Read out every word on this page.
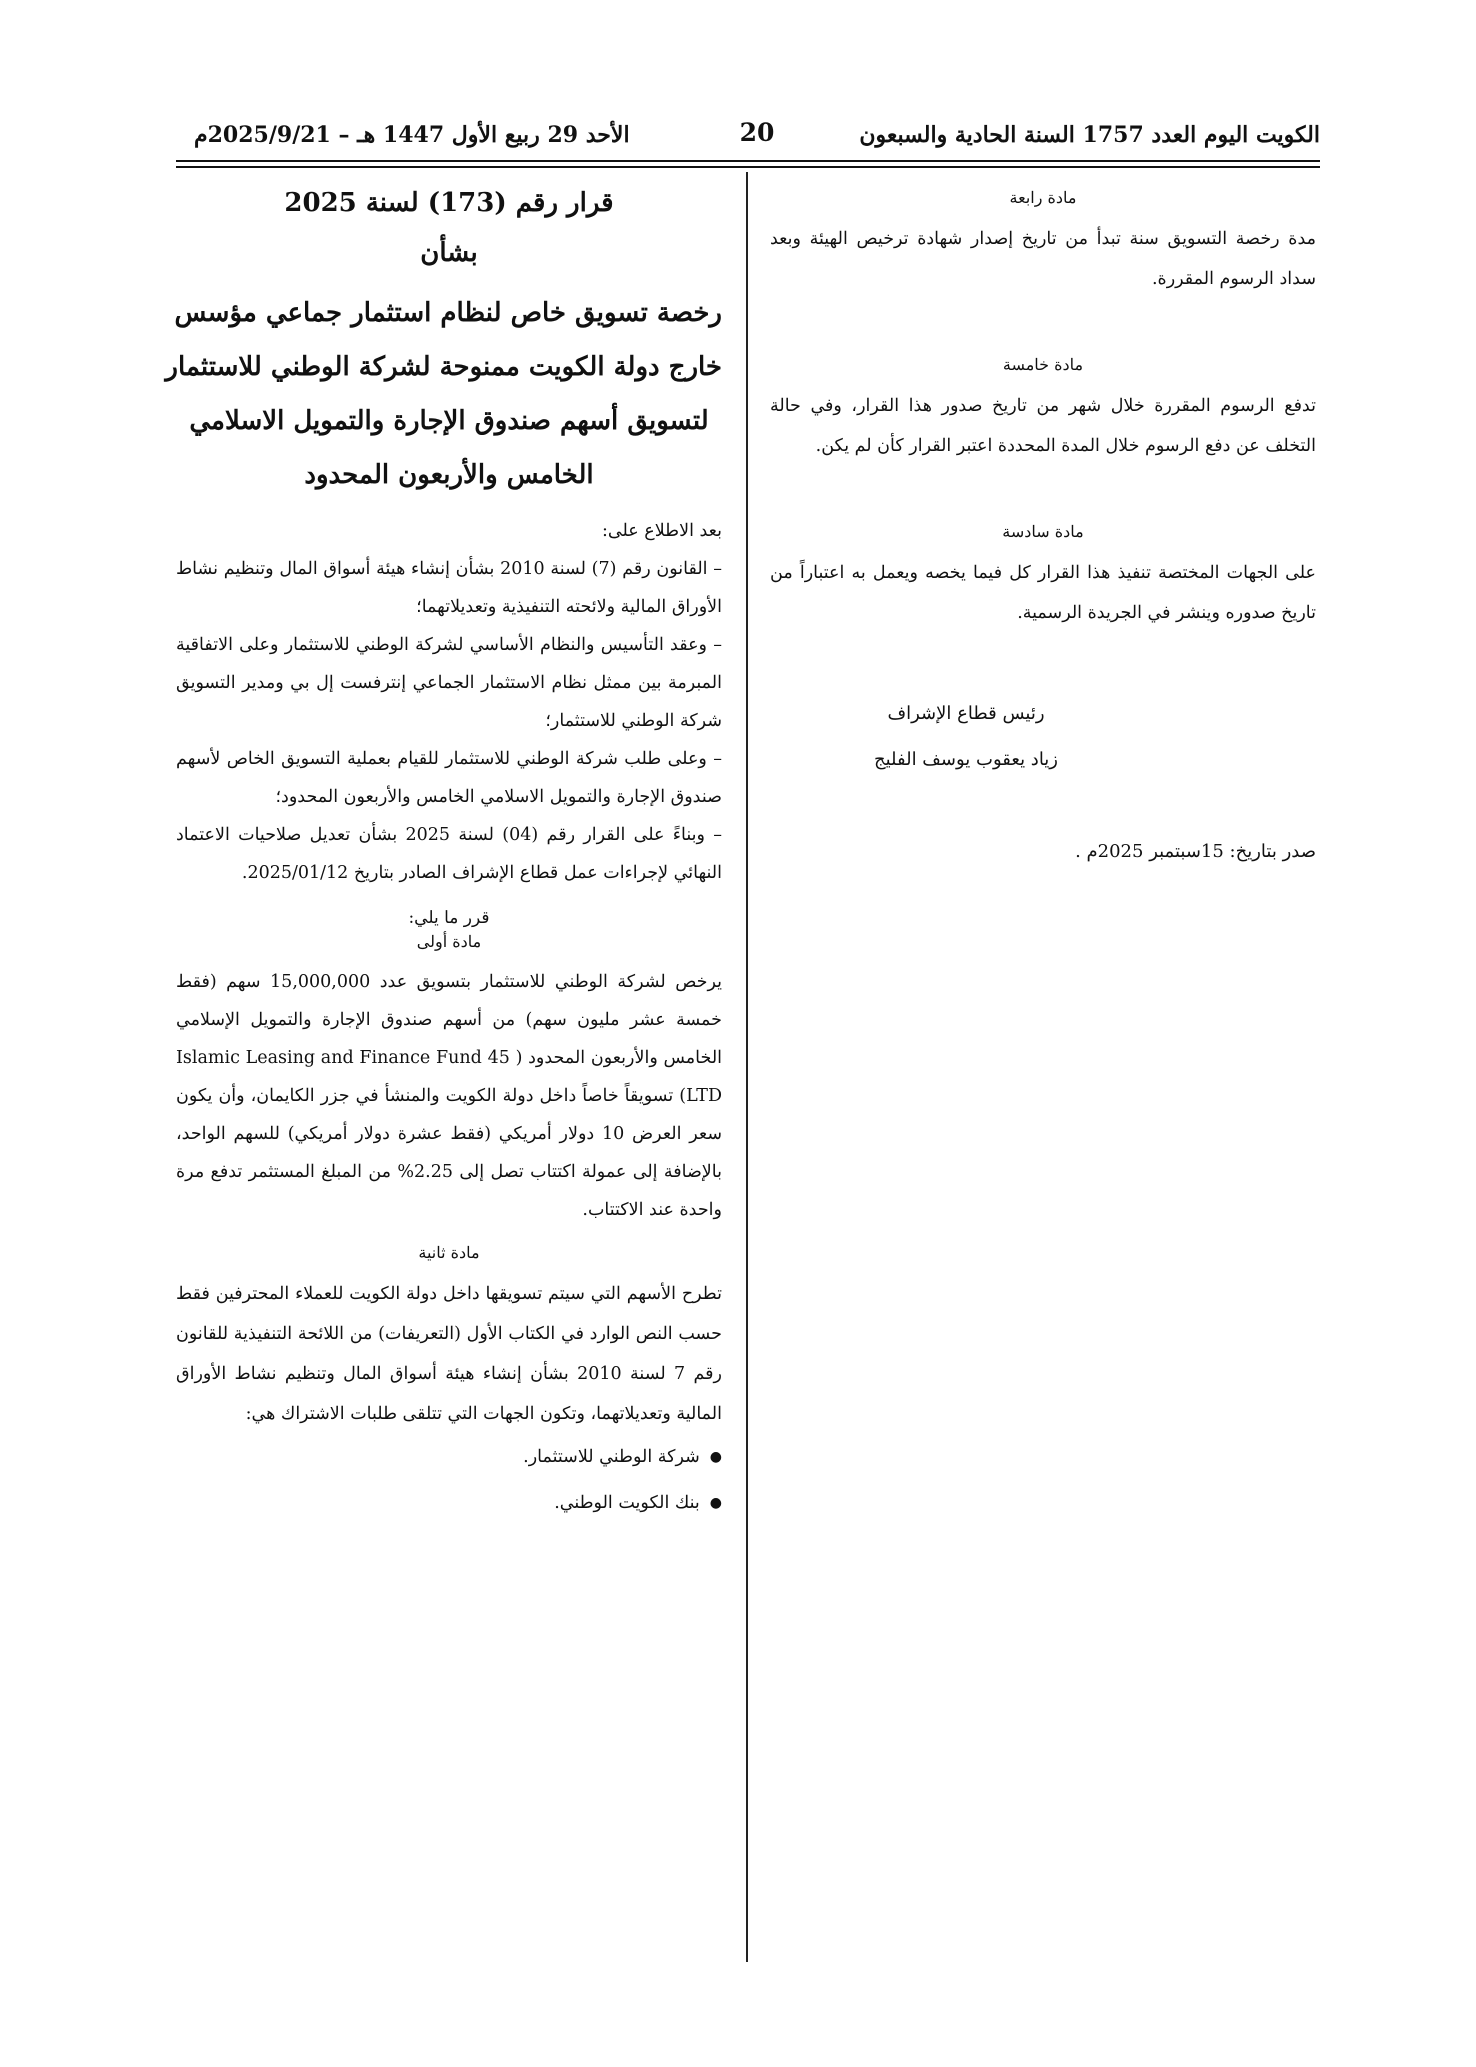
الكويت اليوم العدد 1757 السنة الحادية والسبعون
20
الأحد 29 ربيع الأول 1447 هـ – 2025/9/21م
مادة رابعة

مدة رخصة التسويق سنة تبدأ من تاريخ إصدار شهادة ترخيص الهيئة وبعد سداد الرسوم المقررة.

مادة خامسة

تدفع الرسوم المقررة خلال شهر من تاريخ صدور هذا القرار، وفي حالة التخلف عن دفع الرسوم خلال المدة المحددة اعتبر القرار كأن لم يكن.

مادة سادسة

على الجهات المختصة تنفيذ هذا القرار كل فيما يخصه ويعمل به اعتباراً من تاريخ صدوره وينشر في الجريدة الرسمية.

رئيس قطاع الإشراف
زياد يعقوب يوسف الفليج
صدر بتاريخ: 15سبتمبر 2025م .
قرار رقم (173) لسنة 2025
بشأن
رخصة تسويق خاص لنظام استثمار جماعي مؤسس
خارج دولة الكويت ممنوحة لشركة الوطني للاستثمار
لتسويق أسهم صندوق الإجارة والتمويل الاسلامي
الخامس والأربعون المحدود

بعد الاطلاع على:

– القانون رقم (7) لسنة 2010 بشأن إنشاء هيئة أسواق المال وتنظيم نشاط الأوراق المالية ولائحته التنفيذية وتعديلاتهما؛

– وعقد التأسيس والنظام الأساسي لشركة الوطني للاستثمار وعلى الاتفاقية المبرمة بين ممثل نظام الاستثمار الجماعي إنترفست إل بي ومدير التسويق شركة الوطني للاستثمار؛

– وعلى طلب شركة الوطني للاستثمار للقيام بعملية التسويق الخاص لأسهم صندوق الإجارة والتمويل الاسلامي الخامس والأربعون المحدود؛

– وبناءً على القرار رقم (04) لسنة 2025 بشأن تعديل صلاحيات الاعتماد النهائي لإجراءات عمل قطاع الإشراف الصادر بتاريخ 2025/01/12.

قرر ما يلي:
مادة أولى

يرخص لشركة الوطني للاستثمار بتسويق عدد 15,000,000 سهم (فقط خمسة عشر مليون سهم) من أسهم صندوق الإجارة والتمويل الإسلامي الخامس والأربعون المحدود ( Islamic Leasing and Finance Fund 45 LTD) تسويقاً خاصاً داخل دولة الكويت والمنشأ في جزر الكايمان، وأن يكون سعر العرض 10 دولار أمريكي (فقط عشرة دولار أمريكي) للسهم الواحد، بالإضافة إلى عمولة اكتتاب تصل إلى 2.25% من المبلغ المستثمر تدفع مرة واحدة عند الاكتتاب.

مادة ثانية

تطرح الأسهم التي سيتم تسويقها داخل دولة الكويت للعملاء المحترفين فقط حسب النص الوارد في الكتاب الأول (التعريفات) من اللائحة التنفيذية للقانون رقم 7 لسنة 2010 بشأن إنشاء هيئة أسواق المال وتنظيم نشاط الأوراق المالية وتعديلاتهما، وتكون الجهات التي تتلقى طلبات الاشتراك هي:

●
شركة الوطني للاستثمار.
●
بنك الكويت الوطني.
